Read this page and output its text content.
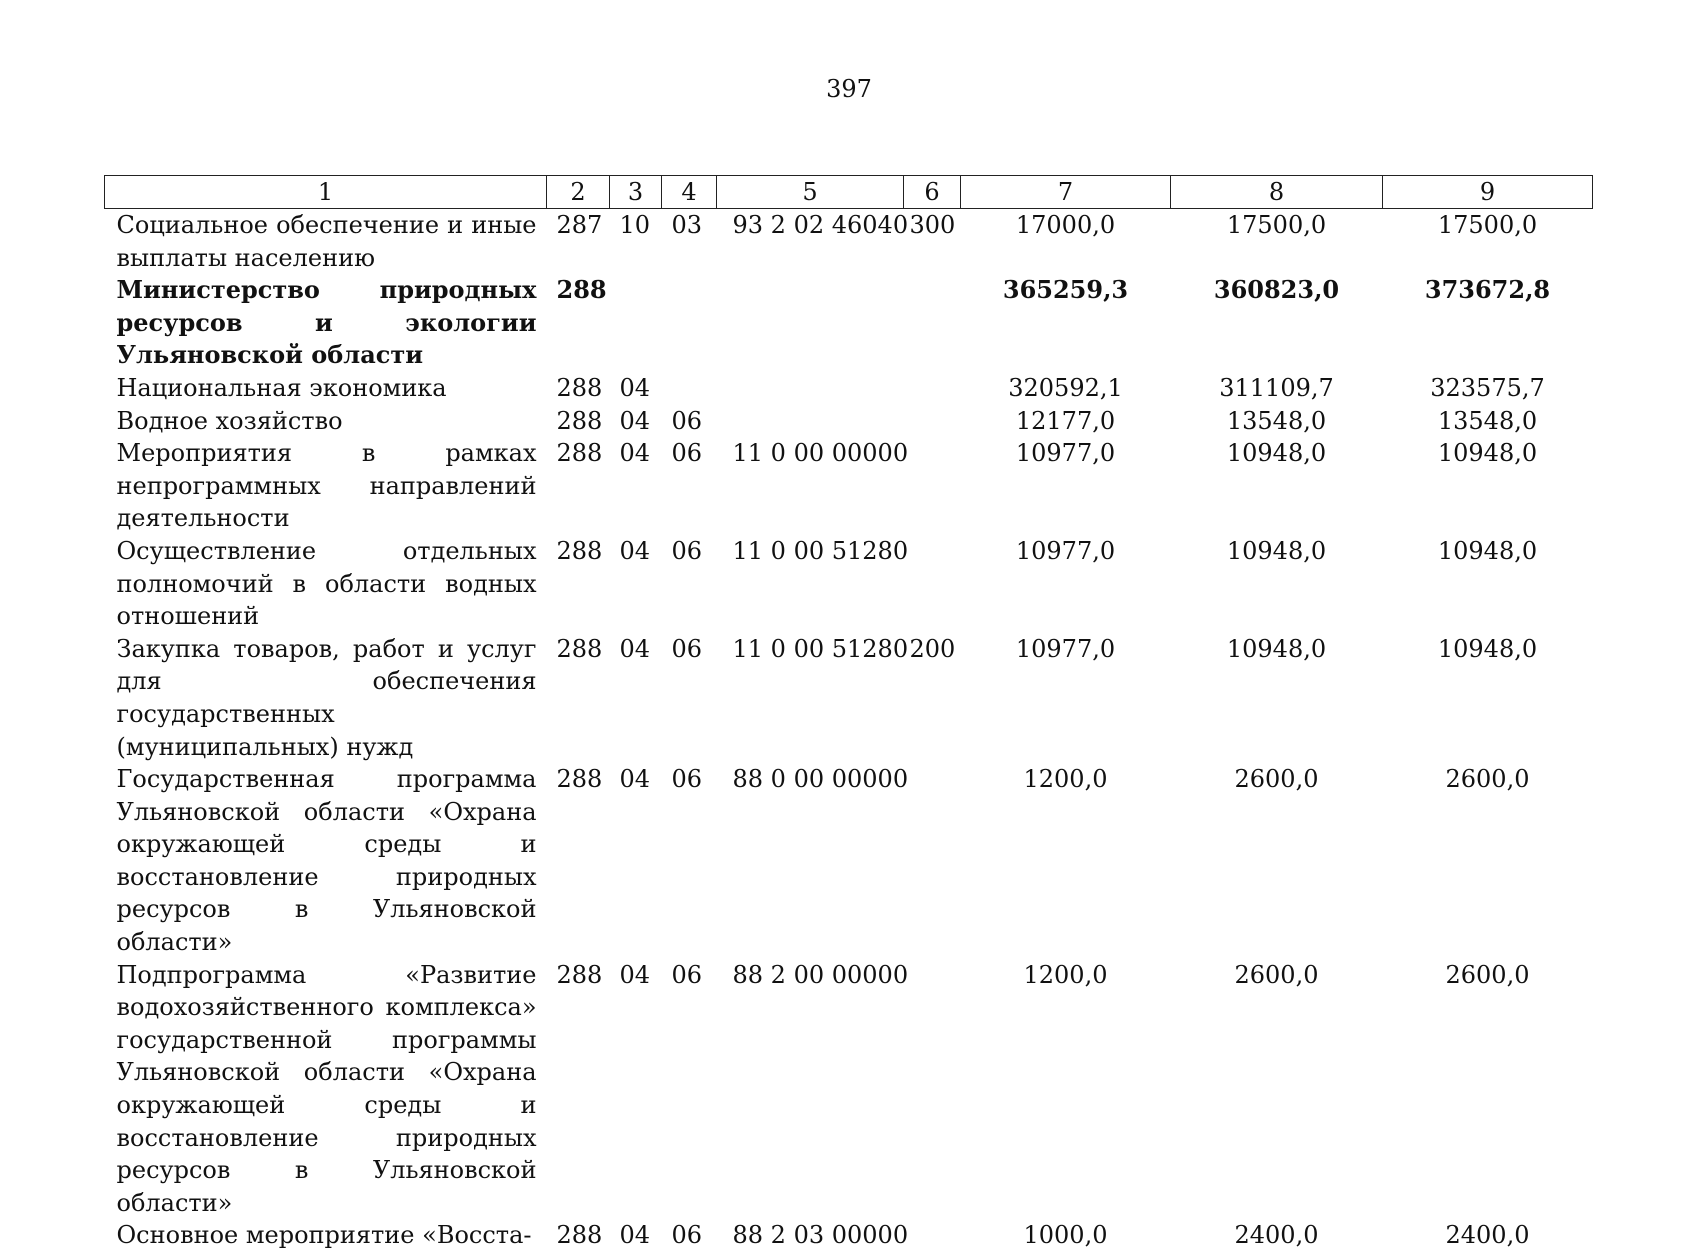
397
1	2	3	4	5	6	7	8	9
Социальное обеспечение и иные выплаты населению	287	10	03	93 2 02 46040	300	17000,0	17500,0	17500,0
Министерство природных ресурсов и экологии Ульяновской области	288					365259,3	360823,0	373672,8
Национальная экономика	288	04				320592,1	311109,7	323575,7
Водное хозяйство	288	04	06			12177,0	13548,0	13548,0
Мероприятия в рамках непрограммных направлений деятельности	288	04	06	11 0 00 00000		10977,0	10948,0	10948,0
Осуществление отдельных полномочий в области водных отношений	288	04	06	11 0 00 51280		10977,0	10948,0	10948,0
Закупка товаров, работ и услуг для обеспечения государственных (муниципальных) нужд	288	04	06	11 0 00 51280	200	10977,0	10948,0	10948,0
Государственная программа Ульяновской области «Охрана окружающей среды и восстановление природных ресурсов в Ульяновской области»	288	04	06	88 0 00 00000		1200,0	2600,0	2600,0
Подпрограмма «Развитие водохозяйственного комплекса» государственной программы Ульяновской области «Охрана окружающей среды и восстановление природных ресурсов в Ульяновской области»	288	04	06	88 2 00 00000		1200,0	2600,0	2600,0
Основное мероприятие «Восста-	288	04	06	88 2 03 00000		1000,0	2400,0	2400,0
